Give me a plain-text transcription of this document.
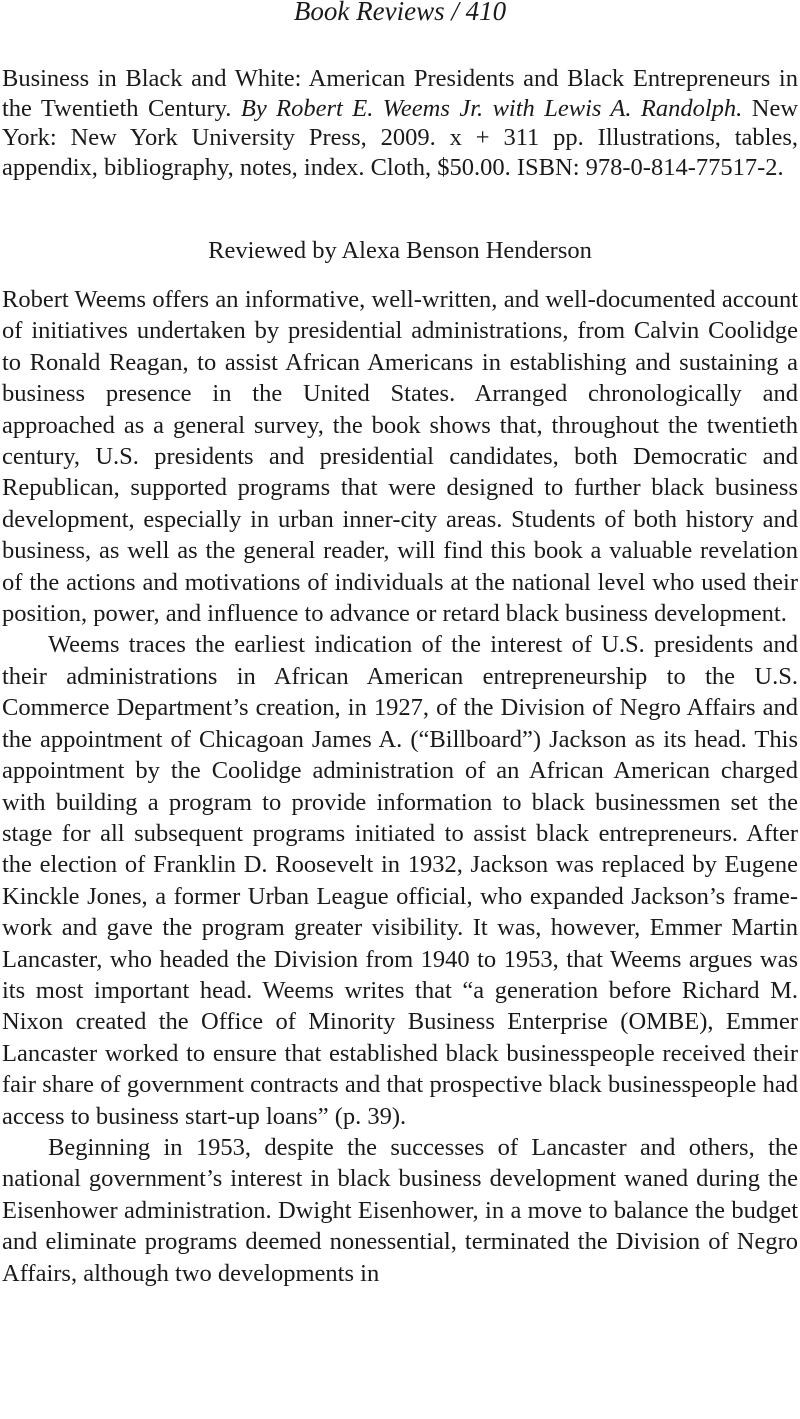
Book Reviews / 410
Business in Black and White: American Presidents and Black Entrepreneurs in the Twentieth Century. By Robert E. Weems Jr. with Lewis A. Randolph. New York: New York University Press, 2009. x + 311 pp. Illustrations, tables, appendix, bibliography, notes, index. Cloth, $50.00. ISBN: 978-0-814-77517-2.
Reviewed by Alexa Benson Henderson

Robert Weems offers an informative, well-written, and well-documented account of initiatives undertaken by presidential administrations, from Calvin Coolidge to Ronald Reagan, to assist African Americans in establishing and sustaining a business presence in the United States. Arranged chronologically and approached as a general survey, the book shows that, throughout the twentieth century, U.S. presidents and presidential candidates, both Democratic and Republican, supported programs that were designed to further black business development, especially in urban inner-city areas. Students of both history and business, as well as the general reader, will find this book a valuable revelation of the actions and motivations of individuals at the national level who used their position, power, and influence to advance or retard black business development.

Weems traces the earliest indication of the interest of U.S. presidents and their administrations in African American entrepreneurship to the U.S. Commerce Department’s creation, in 1927, of the Division of Negro Affairs and the appointment of Chicagoan James A. (“Billboard”) Jackson as its head. This appointment by the Coolidge administration of an African American charged with building a program to provide information to black businessmen set the stage for all subsequent programs initiated to assist black entrepreneurs. After the election of Franklin D. Roosevelt in 1932, Jackson was replaced by Eugene Kinckle Jones, a former Urban League official, who expanded Jackson’s framework and gave the program greater visibility. It was, however, Emmer Martin Lancaster, who headed the Division from 1940 to 1953, that Weems argues was its most important head. Weems writes that “a generation before Richard M. Nixon created the Office of Minority Business Enterprise (OMBE), Emmer Lancaster worked to ensure that established black businesspeople received their fair share of government contracts and that prospective black businesspeople had access to business start-up loans” (p. 39).

Beginning in 1953, despite the successes of Lancaster and others, the national government’s interest in black business development waned during the Eisenhower administration. Dwight Eisenhower, in a move to balance the budget and eliminate programs deemed nonessential, terminated the Division of Negro Affairs, although two developments in
